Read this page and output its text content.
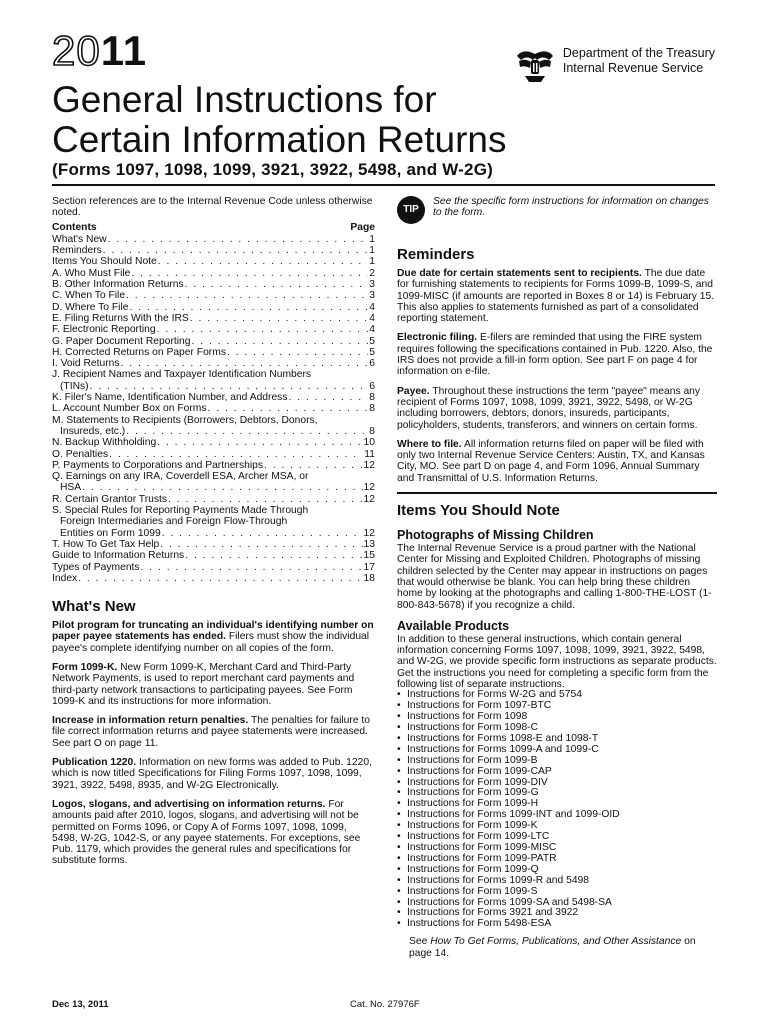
2011	Department of the Treasury
Internal Revenue Service
General Instructions for
Certain Information Returns
(Forms 1097, 1098, 1099, 3921, 3922, 5498, and W-2G)

Section references are to the Internal Revenue Code unless otherwise noted.

Contents	Page
What's New . . .	1
Reminders . . .	1
Items You Should Note . . .	1
A. Who Must File . . .	2
B. Other Information Returns . . .	3
C. When To File . . .	3
D. Where To File . . .	4
E. Filing Returns With the IRS . . .	4
F. Electronic Reporting . . .	4
G. Paper Document Reporting . . .	5
H. Corrected Returns on Paper Forms . . .	5
I. Void Returns . . .	6
J. Recipient Names and Taxpayer Identification Numbers
(TINs) . . .	6
K. Filer's Name, Identification Number, and Address . . .	8
L. Account Number Box on Forms . . .	8
M. Statements to Recipients (Borrowers, Debtors, Donors,
Insureds, etc.) . . .	8
N. Backup Withholding . . .	10
O. Penalties . . .	11
P. Payments to Corporations and Partnerships . . .	12
Q. Earnings on any IRA, Coverdell ESA, Archer MSA, or
HSA . . .	12
R. Certain Grantor Trusts . . .	12
S. Special Rules for Reporting Payments Made Through
Foreign Intermediaries and Foreign Flow-Through
Entities on Form 1099 . . .	12
T. How To Get Tax Help . . .	13
Guide to Information Returns . . .	15
Types of Payments . . .	17
Index . . .	18
What's New

Pilot program for truncating an individual's identifying number on paper payee statements has ended. Filers must show the individual payee's complete identifying number on all copies of the form.

Form 1099-K. New Form 1099-K, Merchant Card and Third-Party Network Payments, is used to report merchant card payments and third-party network transactions to participating payees. See Form 1099-K and its instructions for more information.

Increase in information return penalties. The penalties for failure to file correct information returns and payee statements were increased. See part O on page 11.

Publication 1220. Information on new forms was added to Pub. 1220, which is now titled Specifications for Filing Forms 1097, 1098, 1099, 3921, 3922, 5498, 8935, and W-2G Electronically.

Logos, slogans, and advertising on information returns. For amounts paid after 2010, logos, slogans, and advertising will not be permitted on Forms 1096, or Copy A of Forms 1097, 1098, 1099, 5498, W-2G, 1042-S, or any payee statements. For exceptions, see Pub. 1179, which provides the general rules and specifications for substitute forms.

TIP
See the specific form instructions for information on changes to the form.
Reminders

Due date for certain statements sent to recipients. The due date for furnishing statements to recipients for Forms 1099-B, 1099-S, and 1099-MISC (if amounts are reported in Boxes 8 or 14) is February 15. This also applies to statements furnished as part of a consolidated reporting statement.

Electronic filing. E-filers are reminded that using the FIRE system requires following the specifications contained in Pub. 1220. Also, the IRS does not provide a fill-in form option. See part F on page 4 for information on e-file.

Payee. Throughout these instructions the term "payee" means any recipient of Forms 1097, 1098, 1099, 3921, 3922, 5498, or W-2G including borrowers, debtors, donors, insureds, participants, policyholders, students, transferors, and winners on certain forms.

Where to file. All information returns filed on paper will be filed with only two Internal Revenue Service Centers: Austin, TX, and Kansas City, MO. See part D on page 4, and Form 1096, Annual Summary and Transmittal of U.S. Information Returns.

Items You Should Note
Photographs of Missing Children

The Internal Revenue Service is a proud partner with the National Center for Missing and Exploited Children. Photographs of missing children selected by the Center may appear in instructions on pages that would otherwise be blank. You can help bring these children home by looking at the photographs and calling 1-800-THE-LOST (1-800-843-5678) if you recognize a child.

Available Products

In addition to these general instructions, which contain general information concerning Forms 1097, 1098, 1099, 3921, 3922, 5498, and W-2G, we provide specific form instructions as separate products. Get the instructions you need for completing a specific form from the following list of separate instructions.

• Instructions for Forms W-2G and 5754
• Instructions for Form 1097-BTC
• Instructions for Form 1098
• Instructions for Form 1098-C
• Instructions for Forms 1098-E and 1098-T
• Instructions for Forms 1099-A and 1099-C
• Instructions for Form 1099-B
• Instructions for Form 1099-CAP
• Instructions for Form 1099-DIV
• Instructions for Form 1099-G
• Instructions for Form 1099-H
• Instructions for Forms 1099-INT and 1099-OID
• Instructions for Form 1099-K
• Instructions for Form 1099-LTC
• Instructions for Form 1099-MISC
• Instructions for Form 1099-PATR
• Instructions for Form 1099-Q
• Instructions for Forms 1099-R and 5498
• Instructions for Form 1099-S
• Instructions for Forms 1099-SA and 5498-SA
• Instructions for Forms 3921 and 3922
• Instructions for Form 5498-ESA

See How To Get Forms, Publications, and Other Assistance on page 14.

Dec 13, 2011	Cat. No. 27976F
